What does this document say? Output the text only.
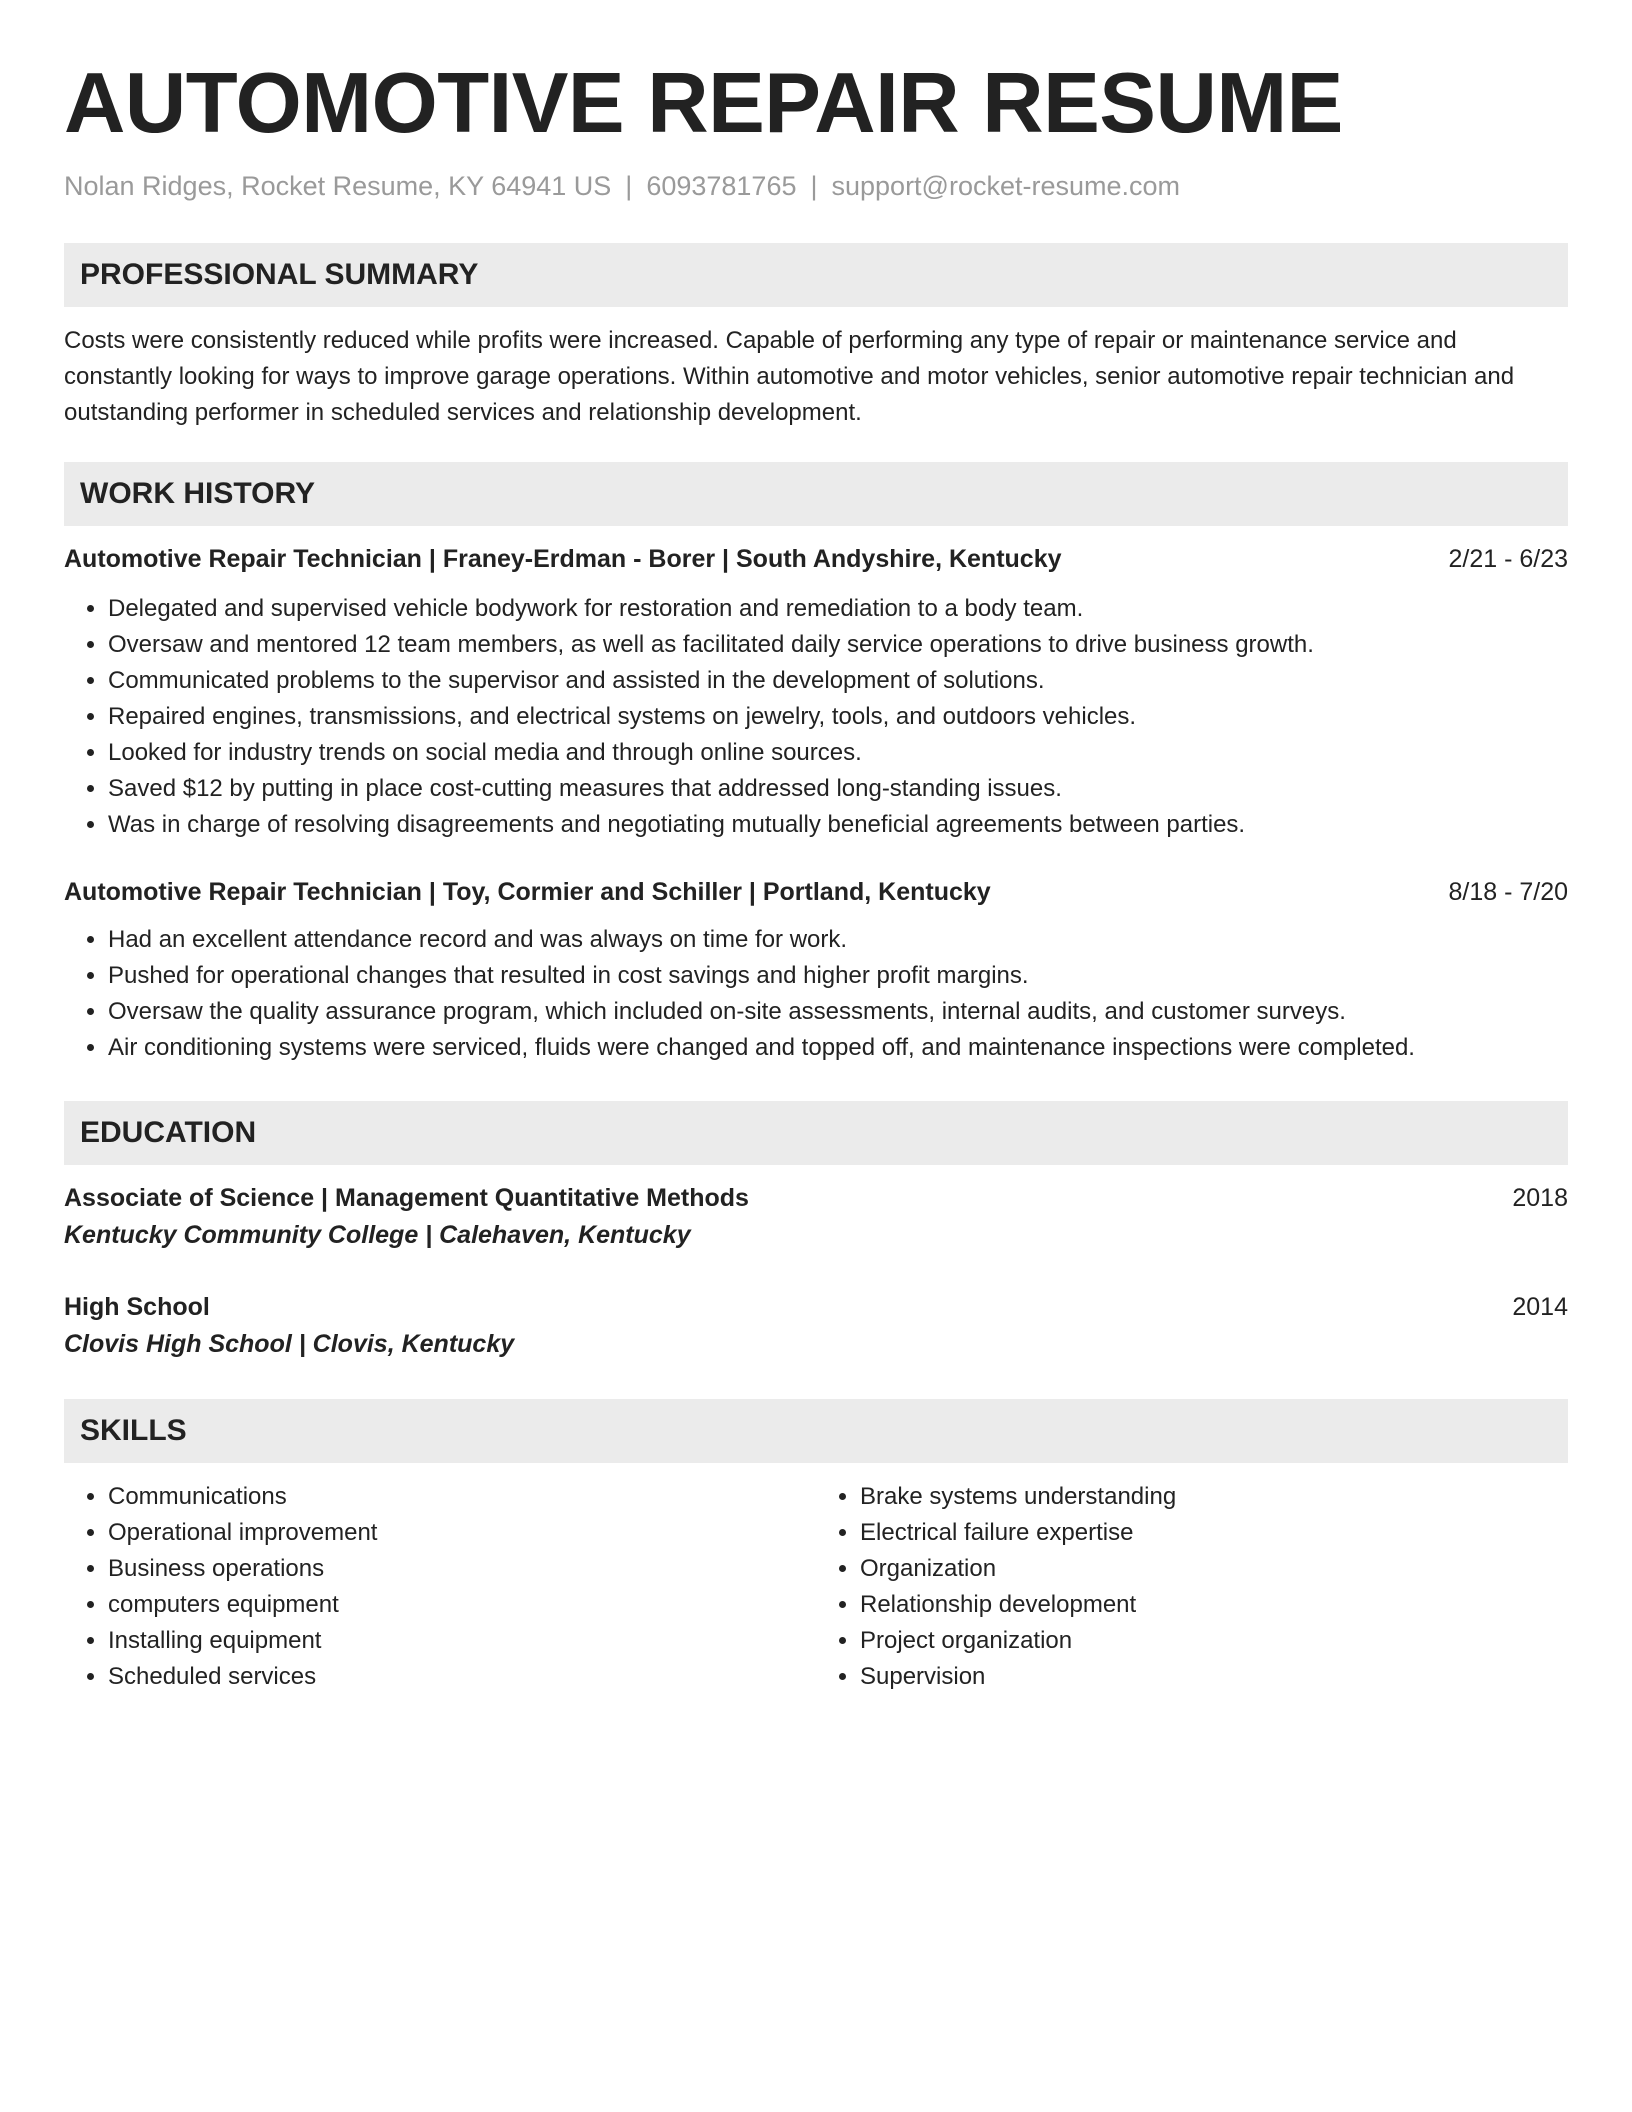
AUTOMOTIVE REPAIR RESUME
Nolan Ridges, Rocket Resume, KY 64941 US | 6093781765 | support@rocket-resume.com
PROFESSIONAL SUMMARY

Costs were consistently reduced while profits were increased. Capable of performing any type of repair or maintenance service and constantly looking for ways to improve garage operations. Within automotive and motor vehicles, senior automotive repair technician and outstanding performer in scheduled services and relationship development.

WORK HISTORY
Automotive Repair Technician | Franey-Erdman - Borer | South Andyshire, Kentucky	2/21 - 6/23
• Delegated and supervised vehicle bodywork for restoration and remediation to a body team.
• Oversaw and mentored 12 team members, as well as facilitated daily service operations to drive business growth.
• Communicated problems to the supervisor and assisted in the development of solutions.
• Repaired engines, transmissions, and electrical systems on jewelry, tools, and outdoors vehicles.
• Looked for industry trends on social media and through online sources.
• Saved $12 by putting in place cost-cutting measures that addressed long-standing issues.
• Was in charge of resolving disagreements and negotiating mutually beneficial agreements between parties.
Automotive Repair Technician | Toy, Cormier and Schiller | Portland, Kentucky	8/18 - 7/20
• Had an excellent attendance record and was always on time for work.
• Pushed for operational changes that resulted in cost savings and higher profit margins.
• Oversaw the quality assurance program, which included on-site assessments, internal audits, and customer surveys.
• Air conditioning systems were serviced, fluids were changed and topped off, and maintenance inspections were completed.
EDUCATION
Associate of Science | Management Quantitative Methods	2018
Kentucky Community College | Calehaven, Kentucky
High School	2014
Clovis High School | Clovis, Kentucky
SKILLS
• Communications
• Operational improvement
• Business operations
• computers equipment
• Installing equipment
• Scheduled services
• Brake systems understanding
• Electrical failure expertise
• Organization
• Relationship development
• Project organization
• Supervision
